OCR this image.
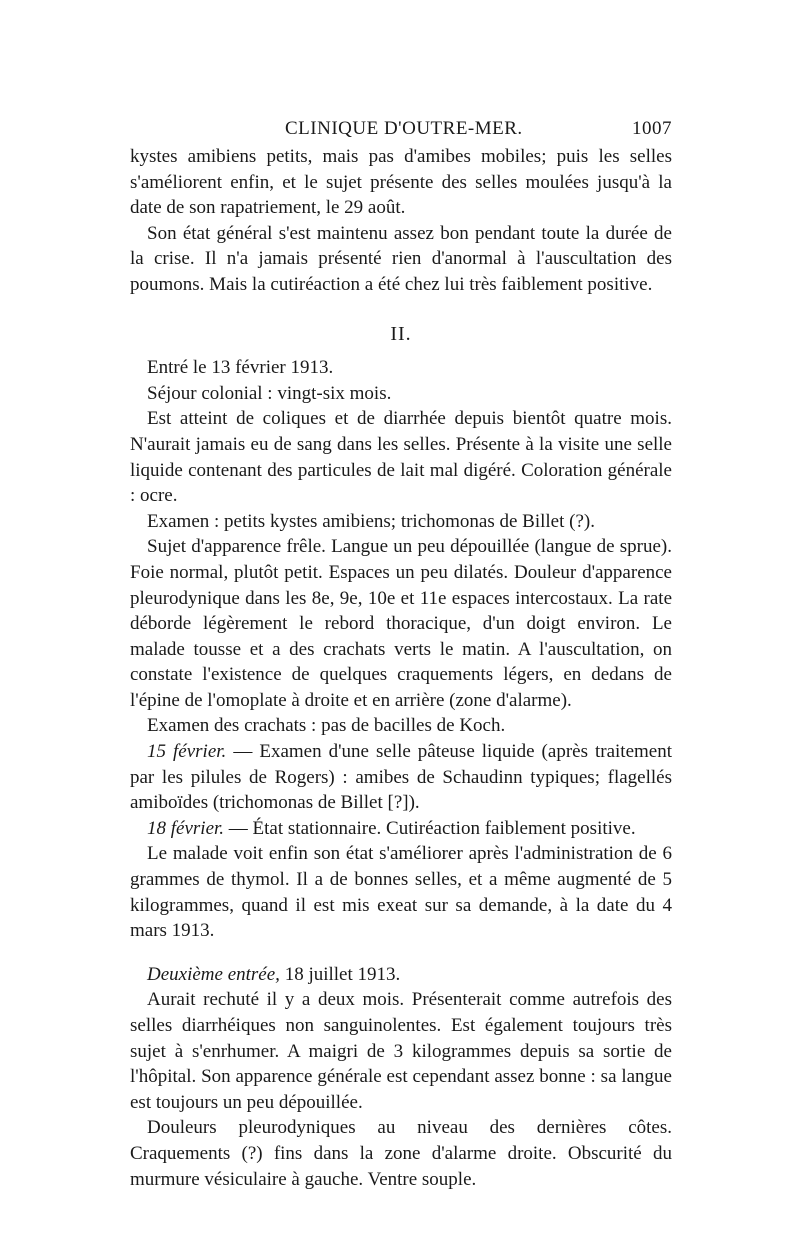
CLINIQUE D'OUTRE-MER.	1007

kystes amibiens petits, mais pas d'amibes mobiles; puis les selles s'améliorent enfin, et le sujet présente des selles moulées jusqu'à la date de son rapatriement, le 29 août.

Son état général s'est maintenu assez bon pendant toute la durée de la crise. Il n'a jamais présenté rien d'anormal à l'auscultation des poumons. Mais la cutiréaction a été chez lui très faiblement positive.

II.

Entré le 13 février 1913.

Séjour colonial : vingt-six mois.

Est atteint de coliques et de diarrhée depuis bientôt quatre mois. N'aurait jamais eu de sang dans les selles. Présente à la visite une selle liquide contenant des particules de lait mal digéré. Coloration générale : ocre.

Examen : petits kystes amibiens; trichomonas de Billet (?).

Sujet d'apparence frêle. Langue un peu dépouillée (langue de sprue). Foie normal, plutôt petit. Espaces un peu dilatés. Douleur d'apparence pleurodynique dans les 8e, 9e, 10e et 11e espaces intercostaux. La rate déborde légèrement le rebord thoracique, d'un doigt environ. Le malade tousse et a des crachats verts le matin. A l'auscultation, on constate l'existence de quelques craquements légers, en dedans de l'épine de l'omoplate à droite et en arrière (zone d'alarme).

Examen des crachats : pas de bacilles de Koch.

15 février. — Examen d'une selle pâteuse liquide (après traitement par les pilules de Rogers) : amibes de Schaudinn typiques; flagellés amiboïdes (trichomonas de Billet [?]).

18 février. — État stationnaire. Cutiréaction faiblement positive.

Le malade voit enfin son état s'améliorer après l'administration de 6 grammes de thymol. Il a de bonnes selles, et a même augmenté de 5 kilogrammes, quand il est mis exeat sur sa demande, à la date du 4 mars 1913.

Deuxième entrée, 18 juillet 1913.

Aurait rechuté il y a deux mois. Présenterait comme autrefois des selles diarrhéiques non sanguinolentes. Est également toujours très sujet à s'enrhumer. A maigri de 3 kilogrammes depuis sa sortie de l'hôpital. Son apparence générale est cependant assez bonne : sa langue est toujours un peu dépouillée.

Douleurs pleurodyniques au niveau des dernières côtes. Craquements (?) fins dans la zone d'alarme droite. Obscurité du murmure vésiculaire à gauche. Ventre souple.
